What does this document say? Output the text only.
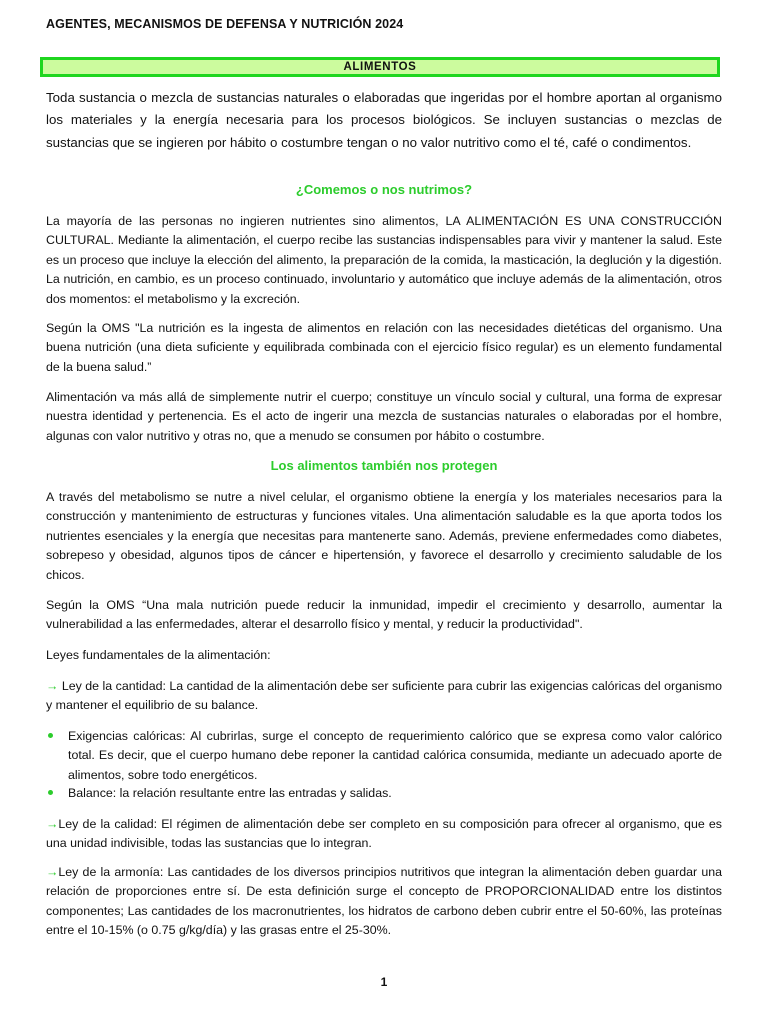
AGENTES, MECANISMOS DE DEFENSA Y NUTRICIÓN 2024
ALIMENTOS

Toda sustancia o mezcla de sustancias naturales o elaboradas que ingeridas por el hombre aportan al organismo los materiales y la energía necesaria para los procesos biológicos. Se incluyen sustancias o mezclas de sustancias que se ingieren por hábito o costumbre tengan o no valor nutritivo como el té, café o condimentos.

¿Comemos o nos nutrimos?

La mayoría de las personas no ingieren nutrientes sino alimentos, LA ALIMENTACIÓN ES UNA CONSTRUCCIÓN CULTURAL. Mediante la alimentación, el cuerpo recibe las sustancias indispensables para vivir y mantener la salud. Este es un proceso que incluye la elección del alimento, la preparación de la comida, la masticación, la deglución y la digestión. La nutrición, en cambio, es un proceso continuado, involuntario y automático que incluye además de la alimentación, otros dos momentos: el metabolismo y la excreción.

Según la OMS "La nutrición es la ingesta de alimentos en relación con las necesidades dietéticas del organismo. Una buena nutrición (una dieta suficiente y equilibrada combinada con el ejercicio físico regular) es un elemento fundamental de la buena salud.”

Alimentación va más allá de simplemente nutrir el cuerpo; constituye un vínculo social y cultural, una forma de expresar nuestra identidad y pertenencia. Es el acto de ingerir una mezcla de sustancias naturales o elaboradas por el hombre, algunas con valor nutritivo y otras no, que a menudo se consumen por hábito o costumbre.

Los alimentos también nos protegen

A través del metabolismo se nutre a nivel celular, el organismo obtiene la energía y los materiales necesarios para la construcción y mantenimiento de estructuras y funciones vitales. Una alimentación saludable es la que aporta todos los nutrientes esenciales y la energía que necesitas para mantenerte sano. Además, previene enfermedades como diabetes, sobrepeso y obesidad, algunos tipos de cáncer e hipertensión, y favorece el desarrollo y crecimiento saludable de los chicos.

Según la OMS “Una mala nutrición puede reducir la inmunidad, impedir el crecimiento y desarrollo, aumentar la vulnerabilidad a las enfermedades, alterar el desarrollo físico y mental, y reducir la productividad".

Leyes fundamentales de la alimentación:

→ Ley de la cantidad: La cantidad de la alimentación debe ser suficiente para cubrir las exigencias calóricas del organismo y mantener el equilibrio de su balance.

Exigencias calóricas: Al cubrirlas, surge el concepto de requerimiento calórico que se expresa como valor calórico total. Es decir, que el cuerpo humano debe reponer la cantidad calórica consumida, mediante un adecuado aporte de alimentos, sobre todo energéticos.
Balance: la relación resultante entre las entradas y salidas.

→Ley de la calidad: El régimen de alimentación debe ser completo en su composición para ofrecer al organismo, que es una unidad indivisible, todas las sustancias que lo integran.

→Ley de la armonía: Las cantidades de los diversos principios nutritivos que integran la alimentación deben guardar una relación de proporciones entre sí. De esta definición surge el concepto de PROPORCIONALIDAD entre los distintos componentes; Las cantidades de los macronutrientes, los hidratos de carbono deben cubrir entre el 50-60%, las proteínas entre el 10-15% (o 0.75 g/kg/día) y las grasas entre el 25-30%.

1
